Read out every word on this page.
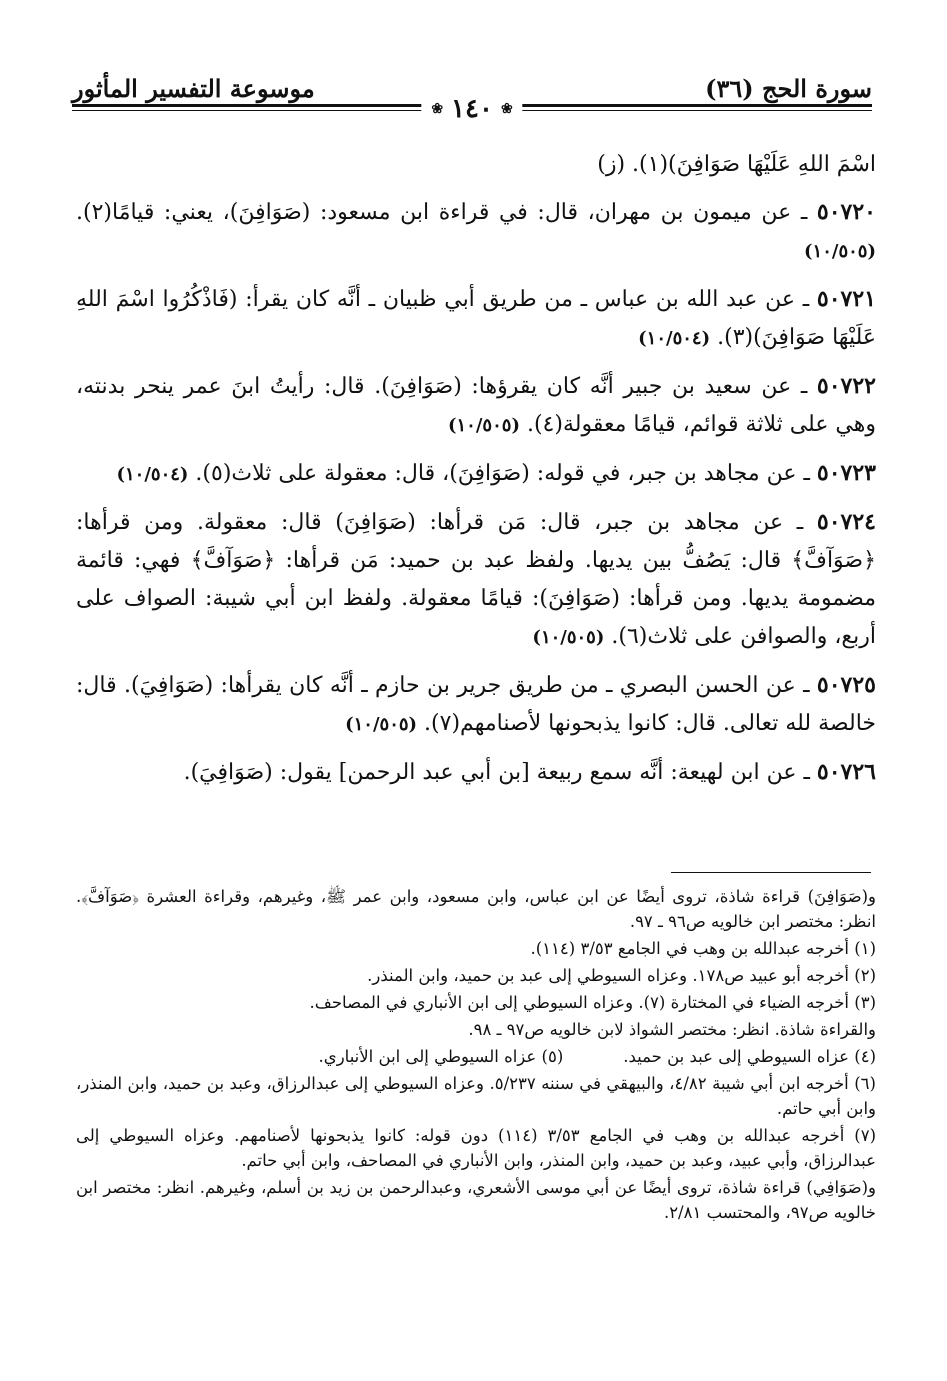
سورة الحج (٣٦)
موسوعة التفسير المأثور
❀
١٤٠
❀

اسْمَ اللهِ عَلَيْهَا صَوَافِنَ)(١). (ز)

٥٠٧٢٠ ـ عن ميمون بن مهران، قال: في قراءة ابن مسعود: (صَوَافِنَ)، يعني: قيامًا(٢). (١٠/٥٠٥)

٥٠٧٢١ ـ عن عبد الله بن عباس ـ من طريق أبي ظبيان ـ أنَّه كان يقرأ: (فَاذْكُرُوا اسْمَ اللهِ عَلَيْهَا صَوَافِنَ)(٣). (١٠/٥٠٤)

٥٠٧٢٢ ـ عن سعيد بن جبير أنَّه كان يقرؤها: (صَوَافِنَ). قال: رأيتُ ابنَ عمر ينحر بدنته، وهي على ثلاثة قوائم، قيامًا معقولة(٤). (١٠/٥٠٥)

٥٠٧٢٣ ـ عن مجاهد بن جبر، في قوله: (صَوَافِنَ)، قال: معقولة على ثلاث(٥). (١٠/٥٠٤)

٥٠٧٢٤ ـ عن مجاهد بن جبر، قال: مَن قرأها: (صَوَافِنَ) قال: معقولة. ومن قرأها: ﴿صَوَآفَّ﴾ قال: يَصُفُّ بين يديها. ولفظ عبد بن حميد: مَن قرأها: ﴿صَوَآفَّ﴾ فهي: قائمة مضمومة يديها. ومن قرأها: (صَوَافِنَ): قيامًا معقولة. ولفظ ابن أبي شيبة: الصواف على أربع، والصوافن على ثلاث(٦). (١٠/٥٠٥)

٥٠٧٢٥ ـ عن الحسن البصري ـ من طريق جرير بن حازم ـ أنَّه كان يقرأها: (صَوَافِيَ). قال: خالصة لله تعالى. قال: كانوا يذبحونها لأصنامهم(٧). (١٠/٥٠٥)

٥٠٧٢٦ ـ عن ابن لهيعة: أنَّه سمع ربيعة [بن أبي عبد الرحمن] يقول: (صَوَافِيَ).

و(صَوَافِنَ) قراءة شاذة، تروى أيضًا عن ابن عباس، وابن مسعود، وابن عمر ﷺ، وغيرهم، وقراءة العشرة ﴿صَوَآفَّ﴾. انظر: مختصر ابن خالويه ص٩٦ ـ ٩٧.

(١) أخرجه عبدالله بن وهب في الجامع ٣/٥٣ (١١٤).

(٢) أخرجه أبو عبيد ص١٧٨. وعزاه السيوطي إلى عبد بن حميد، وابن المنذر.

(٣) أخرجه الضياء في المختارة (٧). وعزاه السيوطي إلى ابن الأنباري في المصاحف.

والقراءة شاذة. انظر: مختصر الشواذ لابن خالويه ص٩٧ ـ ٩٨.

(٤) عزاه السيوطي إلى عبد بن حميد.
(٥) عزاه السيوطي إلى ابن الأنباري.

(٦) أخرجه ابن أبي شيبة ٤/٨٢، والبيهقي في سننه ٥/٢٣٧. وعزاه السيوطي إلى عبدالرزاق، وعبد بن حميد، وابن المنذر، وابن أبي حاتم.

(٧) أخرجه عبدالله بن وهب في الجامع ٣/٥٣ (١١٤) دون قوله: كانوا يذبحونها لأصنامهم. وعزاه السيوطي إلى عبدالرزاق، وأبي عبيد، وعبد بن حميد، وابن المنذر، وابن الأنباري في المصاحف، وابن أبي حاتم.

و(صَوَافِي) قراءة شاذة، تروى أيضًا عن أبي موسى الأشعري، وعبدالرحمن بن زيد بن أسلم، وغيرهم. انظر: مختصر ابن خالويه ص٩٧، والمحتسب ٢/٨١.
